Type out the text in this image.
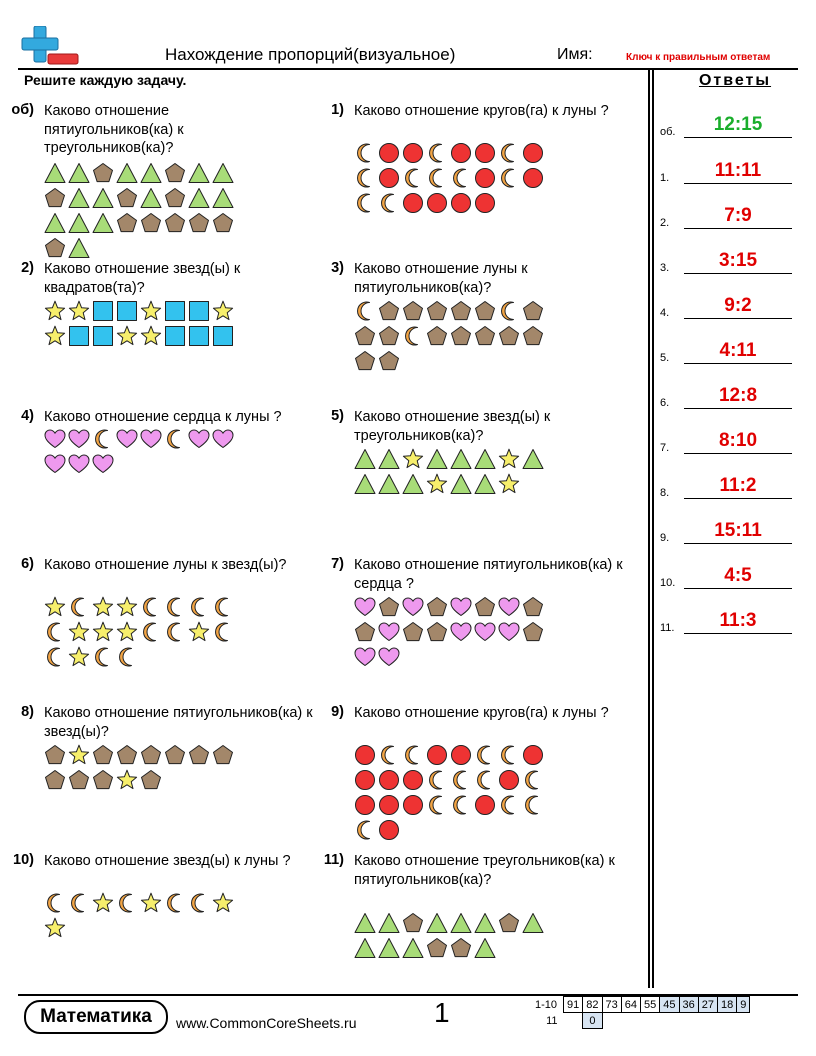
Нахождение пропорций(визуальное)	Имя:	Ключ к правильным ответам
Решите каждую задачу.	Ответы
об) Каково отношение пятиугольников(ка) к треугольников(ка)?
1) Каково отношение кругов(га) к луны ?
2) Каково отношение звезд(ы) к квадратов(та)?
3) Каково отношение луны к пятиугольников(ка)?
4) Каково отношение сердца к луны ?	5) Каково отношение звезд(ы) к треугольников(ка)?
6) Каково отношение луны к звезд(ы)?	7) Каково отношение пятиугольников(ка) к сердца ?
8) Каково отношение пятиугольников(ка) к звезд(ы)?
9) Каково отношение кругов(га) к луны ?
10) Каково отношение звезд(ы) к луны ?	11) Каково отношение треугольников(ка) к пятиугольников(ка)?
об.	12:15
1.	11:11
2.	7:9
3.	3:15
4.	9:2
5.	4:11
6.	12:8
7.	8:10
8.	11:2
9.	15:11
10.	4:5
11.	11:3
Математика	www.CommonCoreSheets.ru	1	1-10	91	82	73	64	55	45	36	27	18	9
11		0								
